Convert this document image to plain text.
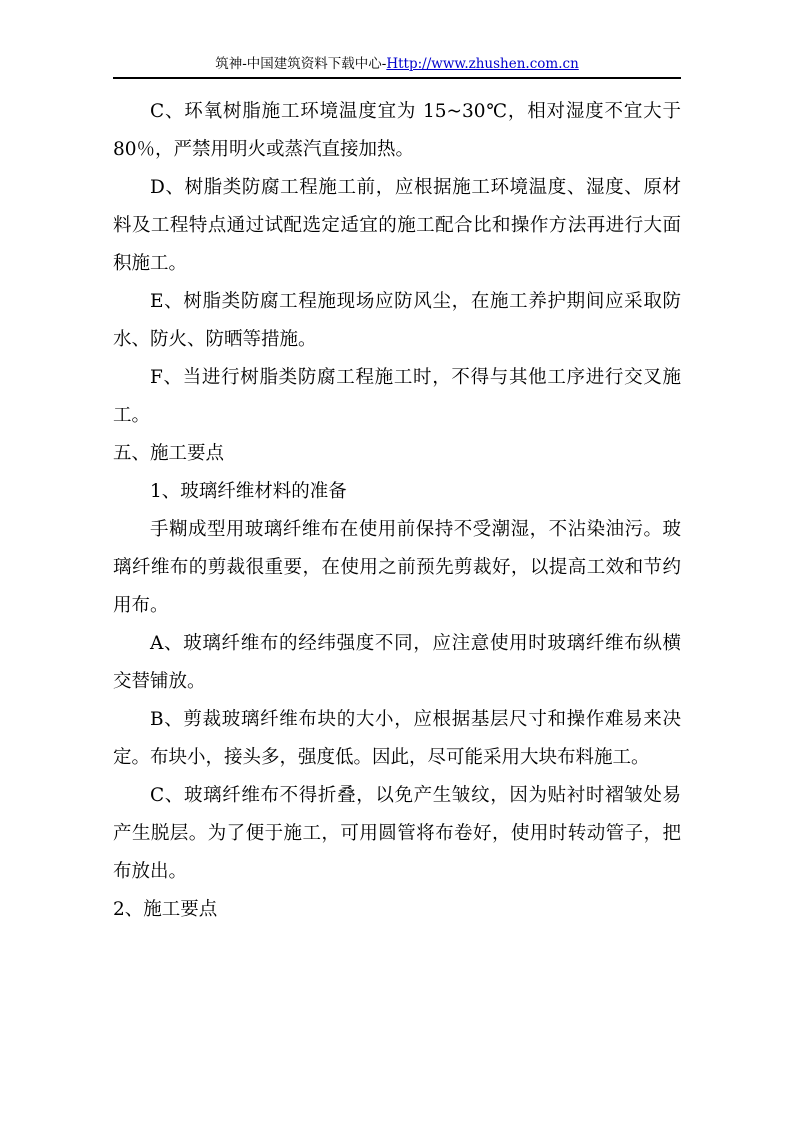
筑神-中国建筑资料下载中心-Http://www.zhushen.com.cn

C、环氧树脂施工环境温度宜为 15~30℃，相对湿度不宜大于 80％，严禁用明火或蒸汽直接加热。

D、树脂类防腐工程施工前，应根据施工环境温度、湿度、原材料及工程特点通过试配选定适宜的施工配合比和操作方法再进行大面积施工。

E、树脂类防腐工程施现场应防风尘，在施工养护期间应采取防水、防火、防晒等措施。

F、当进行树脂类防腐工程施工时，不得与其他工序进行交叉施工。

五、施工要点

1、玻璃纤维材料的准备

手糊成型用玻璃纤维布在使用前保持不受潮湿，不沾染油污。玻璃纤维布的剪裁很重要，在使用之前预先剪裁好，以提高工效和节约用布。

A、玻璃纤维布的经纬强度不同，应注意使用时玻璃纤维布纵横交替铺放。

B、剪裁玻璃纤维布块的大小，应根据基层尺寸和操作难易来决定。布块小，接头多，强度低。因此，尽可能采用大块布料施工。

C、玻璃纤维布不得折叠，以免产生皱纹，因为贴衬时褶皱处易产生脱层。为了便于施工，可用圆管将布卷好，使用时转动管子，把布放出。

2、施工要点
